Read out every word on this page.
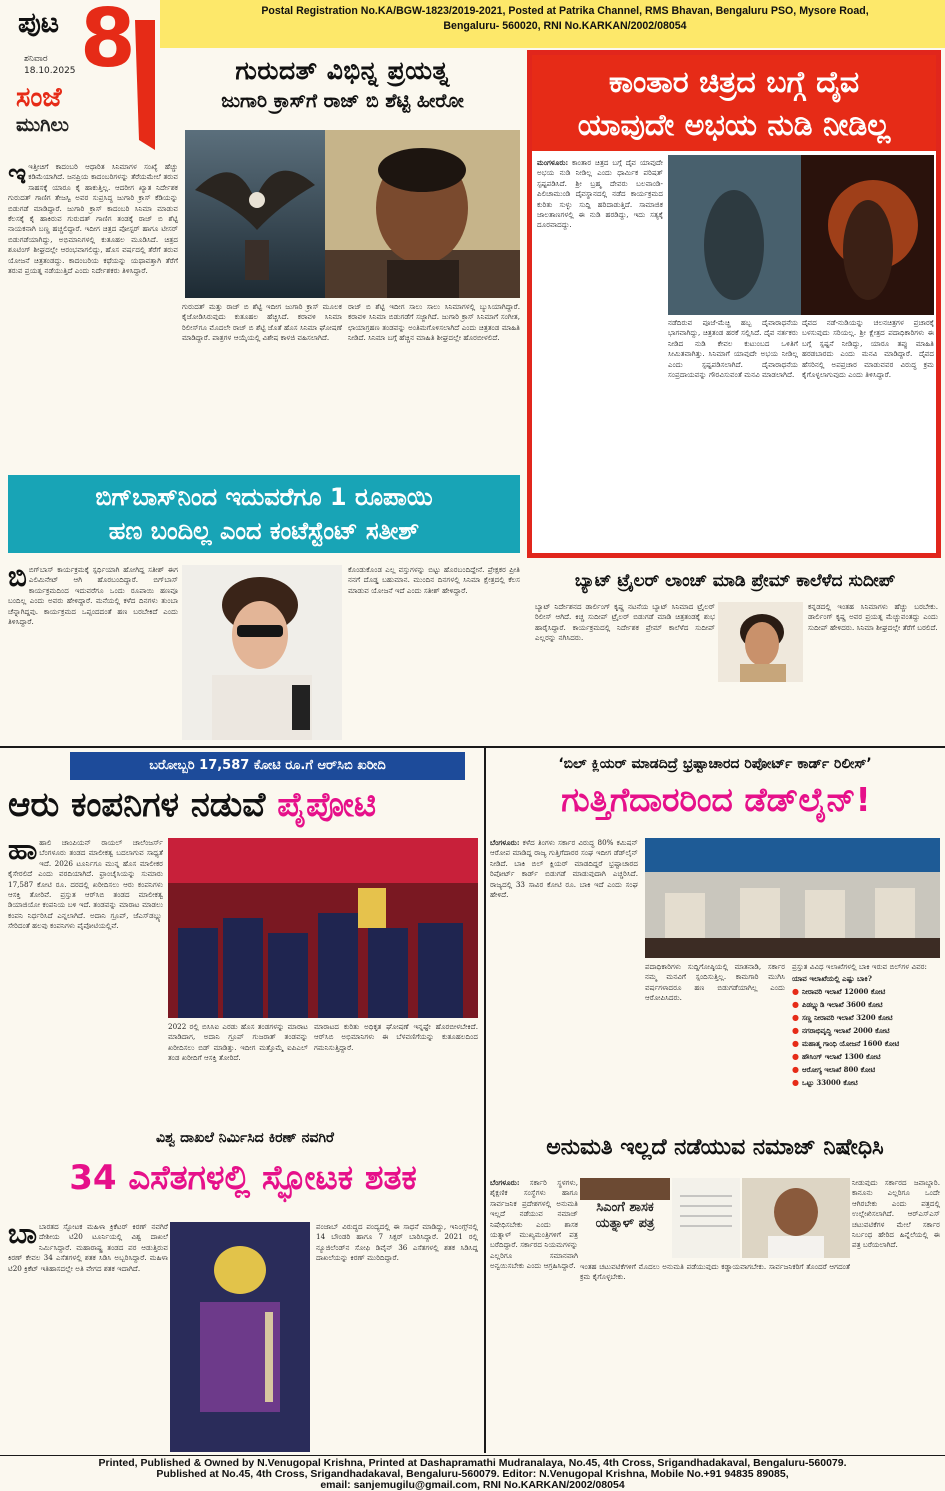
ಪುಟ 8
ಶನಿವಾರ
18.10.2025
ಸಂಜೆ
ಮುಗಿಲು
Postal Registration No.KA/BGW-1823/2019-2021, Posted at Patrika Channel, RMS Bhavan, Bengaluru PSO, Mysore Road,
Bengaluru- 560020, RNI No.KARKAN/2002/08054
ಗುರುದತ್ ವಿಭಿನ್ನ ಪ್ರಯತ್ನ
ಜುಗಾರಿ ಕ್ರಾಸ್‌ಗೆ ರಾಜ್ ಬಿ ಶೆಟ್ಟಿ ಹೀರೋ
ಇಇತ್ತೀಚಿಗೆ ಕಾದಂಬರಿ ಆಧಾರಿತ ಸಿನಿಮಾಗಳ ಸಂಖ್ಯೆ ಹೆಚ್ಚು ಕಡಿಮೆಯಾಗಿದೆ. ಜನಪ್ರಿಯ ಕಾದಂಬರಿಗಳನ್ನು ತೆರೆಯಮೇಲೆ ತರುವ ಸಾಹಸಕ್ಕೆ ಯಾರೂ ಕೈ ಹಾಕುತ್ತಿಲ್ಲ. ಆದರೀಗ ಖ್ಯಾತ ನಿರ್ದೇಶಕ ಗುರುದತ್ ಗಾಣಿಗ ತೇಜಸ್ವಿ ಅವರ ಸುಪ್ರಸಿದ್ಧ ಜುಗಾರಿ ಕ್ರಾಸ್ ಕೆಡಿಯನ್ನು ಬಿಡುಗಡೆ ಮಾಡಿದ್ದಾರೆ. ಜುಗಾರಿ ಕ್ರಾಸ್ ಕಾದಂಬರಿ ಸಿನಿಮಾ ಮಾಡುವ ಕೆಲಸಕ್ಕೆ ಕೈ ಹಾಕಿರುವ ಗುರುದತ್ ಗಾಣಿಗ ತಂಡಕ್ಕೆ ರಾಜ್ ಬಿ ಶೆಟ್ಟಿ ನಾಯಕನಾಗಿ ಬಣ್ಣ ಹಚ್ಚಲಿದ್ದಾರೆ. ಇದೀಗ ಚಿತ್ರದ ಪೋಸ್ಟರ್ ಹಾಗೂ ಟೀಸರ್ ಬಿಡುಗಡೆಯಾಗಿದ್ದು, ಅಭಿಮಾನಿಗಳಲ್ಲಿ ಕುತೂಹಲ ಮೂಡಿಸಿದೆ. ಚಿತ್ರದ ಶೂಟಿಂಗ್ ಶೀಘ್ರದಲ್ಲೇ ಆರಂಭವಾಗಲಿದ್ದು, ಹೊಸ ವರ್ಷದಲ್ಲಿ ತೆರೆಗೆ ತರುವ ಯೋಜನೆ ಚಿತ್ರತಂಡದ್ದು. ಕಾದಂಬರಿಯ ಕಥೆಯನ್ನು ಯಥಾವತ್ತಾಗಿ ತೆರೆಗೆ ತರುವ ಪ್ರಯತ್ನ ನಡೆಯುತ್ತಿದೆ ಎಂದು ನಿರ್ದೇಶಕರು ತಿಳಿಸಿದ್ದಾರೆ.
ಗುರುದತ್ ಮತ್ತು ರಾಜ್ ಬಿ ಶೆಟ್ಟಿ ಇದೀಗ ಜುಗಾರಿ ಕ್ರಾಸ್ ಮೂಲಕ ಕೈಜೋಡಿಸಿರುವುದು ಕುತೂಹಲ ಹೆಚ್ಚಿಸಿದೆ. ಕರಾವಳಿ ಸಿನಿಮಾ ರಿಲೀಸ್‌ಗೂ ಮೊದಲೇ ರಾಜ್ ಬಿ ಶೆಟ್ಟಿ ಜೊತೆ ಹೊಸ ಸಿನಿಮಾ ಘೋಷಣೆ ಮಾಡಿದ್ದಾರೆ. ಪಾತ್ರಗಳ ಆಯ್ಕೆಯಲ್ಲಿ ವಿಶೇಷ ಕಾಳಜಿ ವಹಿಸಲಾಗಿದೆ.
ರಾಜ್ ಬಿ ಶೆಟ್ಟಿ ಇದೀಗ ಸಾಲು ಸಾಲು ಸಿನಿಮಾಗಳಲ್ಲಿ ಬ್ಯುಸಿಯಾಗಿದ್ದಾರೆ. ಕರಾವಳಿ ಸಿನಿಮಾ ಬಿಡುಗಡೆಗೆ ಸಜ್ಜಾಗಿದೆ. ಜುಗಾರಿ ಕ್ರಾಸ್ ಸಿನಿಮಾಗೆ ಸಂಗೀತ, ಛಾಯಾಗ್ರಹಣ ತಂಡವನ್ನು ಅಂತಿಮಗೊಳಿಸಲಾಗಿದೆ ಎಂದು ಚಿತ್ರತಂಡ ಮಾಹಿತಿ ನೀಡಿದೆ. ಸಿನಿಮಾ ಬಗ್ಗೆ ಹೆಚ್ಚಿನ ಮಾಹಿತಿ ಶೀಘ್ರದಲ್ಲೇ ಹೊರಬೀಳಲಿದೆ.
ಕಾಂತಾರ ಚಿತ್ರದ ಬಗ್ಗೆ ದೈವ
ಯಾವುದೇ ಅಭಯ ನುಡಿ ನೀಡಿಲ್ಲ
ಮಂಗಳೂರು: ಕಾಂತಾರ ಚಿತ್ರದ ಬಗ್ಗೆ ದೈವ ಯಾವುದೇ ಅಭಯ ನುಡಿ ನೀಡಿಲ್ಲ ಎಂದು ಧಾರ್ಮಿಕ ಪರಿಷತ್ ಸ್ಪಷ್ಟಪಡಿಸಿದೆ. ಶ್ರೀ ಬ್ರಹ್ಮ ದೇವರು ಬಲವಾಂಡಿ-ಪಿಲಿಚಾಮುಂಡಿ ದೈವಸ್ಥಾನದಲ್ಲಿ ನಡೆದ ಕಾರ್ಯಕ್ರಮದ ಕುರಿತು ಸುಳ್ಳು ಸುದ್ದಿ ಹರಿದಾಡುತ್ತಿದೆ. ಸಾಮಾಜಿಕ ಜಾಲತಾಣಗಳಲ್ಲಿ ಈ ನುಡಿ ಹರಡಿದ್ದು, ಇದು ಸತ್ಯಕ್ಕೆ ದೂರವಾದದ್ದು.
ನಡೆದಿರುವ ಪೂಜೆ-ಮೆಚ್ಚಿ ಹಬ್ಬ ದೈವಾರಾಧನೆಯ ಭಾಗವಾಗಿದ್ದು, ಚಿತ್ರತಂಡ ಹರಕೆ ಸಲ್ಲಿಸಿದೆ. ದೈವ ನರ್ತಕರು ನೀಡಿದ ನುಡಿ ಕೇವಲ ಕುಟುಂಬದ ಒಳಿತಿಗೆ ಸೀಮಿತವಾಗಿತ್ತು. ಸಿನಿಮಾಗೆ ಯಾವುದೇ ಅಭಯ ನೀಡಿಲ್ಲ ಎಂದು ಸ್ಪಷ್ಟಪಡಿಸಲಾಗಿದೆ. ದೈವಾರಾಧನೆಯ ಸಂಪ್ರದಾಯವನ್ನು ಗೌರವಿಸುವಂತೆ ಮನವಿ ಮಾಡಲಾಗಿದೆ.
ದೈವದ ನಡೆ-ನುಡಿಯನ್ನು ಚಲನಚಿತ್ರಗಳ ಪ್ರಚಾರಕ್ಕೆ ಬಳಸುವುದು ಸರಿಯಲ್ಲ. ಶ್ರೀ ಕ್ಷೇತ್ರದ ಪದಾಧಿಕಾರಿಗಳು ಈ ಬಗ್ಗೆ ಸ್ಪಷ್ಟನೆ ನೀಡಿದ್ದು, ಯಾರೂ ತಪ್ಪು ಮಾಹಿತಿ ಹರಡಬಾರದು ಎಂದು ಮನವಿ ಮಾಡಿದ್ದಾರೆ. ದೈವದ ಹೆಸರಿನಲ್ಲಿ ಅಪಪ್ರಚಾರ ಮಾಡುವವರ ವಿರುದ್ಧ ಕ್ರಮ ಕೈಗೊಳ್ಳಲಾಗುವುದು ಎಂದು ತಿಳಿಸಿದ್ದಾರೆ.
ಬಿಗ್‌ಬಾಸ್‌ನಿಂದ ಇದುವರೆಗೂ 1 ರೂಪಾಯಿ
ಹಣ ಬಂದಿಲ್ಲ ಎಂದ ಕಂಟೆಸ್ಟೆಂಟ್ ಸತೀಶ್
ಬಿಬಿಗ್‌ಬಾಸ್ ಕಾರ್ಯಕ್ರಮಕ್ಕೆ ಸ್ಪರ್ಧಿಯಾಗಿ ಹೋಗಿದ್ದ ಸತೀಶ್ ಈಗ ಎಲಿಮಿನೇಟ್ ಆಗಿ ಹೊರಬಂದಿದ್ದಾರೆ. ಬಿಗ್‌ಬಾಸ್ ಕಾರ್ಯಕ್ರಮದಿಂದ ಇದುವರೆಗೂ ಒಂದು ರೂಪಾಯಿ ಹಣವೂ ಬಂದಿಲ್ಲ ಎಂದು ಅವರು ಹೇಳಿದ್ದಾರೆ. ಮನೆಯಲ್ಲಿ ಕಳೆದ ದಿನಗಳು ತುಂಬಾ ಚೆನ್ನಾಗಿದ್ದವು. ಕಾರ್ಯಕ್ರಮದ ಒಪ್ಪಂದದಂತೆ ಹಣ ಬರಬೇಕಿದೆ ಎಂದು ತಿಳಿಸಿದ್ದಾರೆ.
ಕೊಂಡುಕೊಂಡ ಎಲ್ಲ ವಸ್ತುಗಳನ್ನು ಬಿಟ್ಟು ಹೊರಬಂದಿದ್ದೇನೆ. ಪ್ರೇಕ್ಷಕರ ಪ್ರೀತಿ ನನಗೆ ದೊಡ್ಡ ಬಹುಮಾನ. ಮುಂದಿನ ದಿನಗಳಲ್ಲಿ ಸಿನಿಮಾ ಕ್ಷೇತ್ರದಲ್ಲಿ ಕೆಲಸ ಮಾಡುವ ಯೋಜನೆ ಇದೆ ಎಂದು ಸತೀಶ್ ಹೇಳಿದ್ದಾರೆ.	ಬ್ಯಾಟ್ ಟ್ರೈಲರ್ ಲಾಂಚ್ ಮಾಡಿ ಪ್ರೇಮ್ ಕಾಲೆಳೆದ ಸುದೀಪ್
ಬ್ಯಾಟ್ ನಿರ್ದೇಶನದ ಡಾರ್ಲಿಂಗ್ ಕೃಷ್ಣ ನಟನೆಯ ಬ್ಯಾಟ್ ಸಿನಿಮಾದ ಟ್ರೈಲರ್ ರಿಲೀಸ್ ಆಗಿದೆ. ಕಿಚ್ಚ ಸುದೀಪ್ ಟ್ರೈಲರ್ ಬಿಡುಗಡೆ ಮಾಡಿ ಚಿತ್ರತಂಡಕ್ಕೆ ಶುಭ ಹಾರೈಸಿದ್ದಾರೆ. ಕಾರ್ಯಕ್ರಮದಲ್ಲಿ ನಿರ್ದೇಶಕ ಪ್ರೇಮ್ ಕಾಲೆಳೆದ ಸುದೀಪ್ ಎಲ್ಲರನ್ನು ನಗಿಸಿದರು.
ಕನ್ನಡದಲ್ಲಿ ಇಂತಹ ಸಿನಿಮಾಗಳು ಹೆಚ್ಚು ಬರಬೇಕು. ಡಾರ್ಲಿಂಗ್ ಕೃಷ್ಣ ಅವರ ಪ್ರಯತ್ನ ಮೆಚ್ಚುವಂತದ್ದು ಎಂದು ಸುದೀಪ್ ಹೇಳಿದರು. ಸಿನಿಮಾ ಶೀಘ್ರದಲ್ಲೇ ತೆರೆಗೆ ಬರಲಿದೆ.
ಬರೋಬ್ಬರಿ 17,587 ಕೋಟಿ ರೂ.ಗೆ ಆರ್‌ಸಿಬಿ ಖರೀದಿ
ಆರು ಕಂಪನಿಗಳ ನಡುವೆ ಪೈಪೋಟಿ
ಹಾಹಾಲಿ ಚಾಂಪಿಯನ್ ರಾಯಲ್ ಚಾಲೆಂಜರ್ಸ್ ಬೆಂಗಳೂರು ತಂಡದ ಮಾಲೀಕತ್ವ ಬದಲಾಗುವ ಸಾಧ್ಯತೆ ಇದೆ. 2026 ಟೂರ್ನಿಗೂ ಮುನ್ನ ಹೊಸ ಮಾಲೀಕರ ಕೈಸೇರಲಿದೆ ಎಂದು ವರದಿಯಾಗಿದೆ. ಫ್ರಾಂಚೈಸಿಯನ್ನು ಸುಮಾರು 17,587 ಕೋಟಿ ರೂ. ದರದಲ್ಲಿ ಖರೀದಿಸಲು ಆರು ಕಂಪನಿಗಳು ಆಸಕ್ತಿ ತೋರಿವೆ. ಪ್ರಸ್ತುತ ಆರ್‌ಸಿಬಿ ತಂಡದ ಮಾಲೀಕತ್ವ ಡಿಯಾಜಿಯೋ ಕಂಪನಿಯ ಬಳಿ ಇದೆ. ತಂಡವನ್ನು ಮಾರಾಟ ಮಾಡಲು ಕಂಪನಿ ನಿರ್ಧರಿಸಿದೆ ಎನ್ನಲಾಗಿದೆ. ಅದಾನಿ ಗ್ರೂಪ್, ಜೆಎಸ್‌ಡಬ್ಲ್ಯು ಸೇರಿದಂತೆ ಹಲವು ಕಂಪನಿಗಳು ಪೈಪೋಟಿಯಲ್ಲಿವೆ.
2022 ರಲ್ಲಿ ಬಿಸಿಸಿಐ ಎರಡು ಹೊಸ ತಂಡಗಳನ್ನು ಮಾರಾಟ ಮಾಡಿದಾಗ, ಅದಾನಿ ಗ್ರೂಪ್ ಗುಜರಾತ್ ತಂಡವನ್ನು ಖರೀದಿಸಲು ಬಿಡ್ ಮಾಡಿತ್ತು. ಇದೀಗ ಮತ್ತೊಮ್ಮೆ ಐಪಿಎಲ್ ತಂಡ ಖರೀದಿಗೆ ಆಸಕ್ತಿ ತೋರಿದೆ.
ಮಾರಾಟದ ಕುರಿತು ಅಧಿಕೃತ ಘೋಷಣೆ ಇನ್ನಷ್ಟೇ ಹೊರಬೀಳಬೇಕಿದೆ. ಆರ್‌ಸಿಬಿ ಅಭಿಮಾನಿಗಳು ಈ ಬೆಳವಣಿಗೆಯನ್ನು ಕುತೂಹಲದಿಂದ ಗಮನಿಸುತ್ತಿದ್ದಾರೆ.
‘ಬಿಲ್ ಕ್ಲಿಯರ್ ಮಾಡದಿದ್ರೆ ಭ್ರಷ್ಟಾಚಾರದ ರಿಪೋರ್ಟ್ ಕಾರ್ಡ್ ರಿಲೀಸ್’
ಗುತ್ತಿಗೆದಾರರಿಂದ ಡೆಡ್‌ಲೈನ್!
ಬೆಂಗಳೂರು: ಕಳೆದ ತಿಂಗಳು ಸರ್ಕಾರ ವಿರುದ್ಧ 80% ಕಮಿಷನ್ ಆರೋಪ ಮಾಡಿದ್ದ ರಾಜ್ಯ ಗುತ್ತಿಗೆದಾರರ ಸಂಘ ಇದೀಗ ಡೆಡ್‌ಲೈನ್ ನೀಡಿದೆ. ಬಾಕಿ ಬಿಲ್ ಕ್ಲಿಯರ್ ಮಾಡದಿದ್ದರೆ ಭ್ರಷ್ಟಾಚಾರದ ರಿಪೋರ್ಟ್ ಕಾರ್ಡ್ ಬಿಡುಗಡೆ ಮಾಡುವುದಾಗಿ ಎಚ್ಚರಿಸಿದೆ. ರಾಜ್ಯದಲ್ಲಿ 33 ಸಾವಿರ ಕೋಟಿ ರೂ. ಬಾಕಿ ಇದೆ ಎಂದು ಸಂಘ ಹೇಳಿದೆ.
ಪದಾಧಿಕಾರಿಗಳು ಸುದ್ದಿಗೋಷ್ಠಿಯಲ್ಲಿ ಮಾತನಾಡಿ, ಸರ್ಕಾರ ನಮ್ಮ ಮನವಿಗೆ ಸ್ಪಂದಿಸುತ್ತಿಲ್ಲ. ಕಾಮಗಾರಿ ಮುಗಿಸಿ ವರ್ಷಗಳಾದರೂ ಹಣ ಬಿಡುಗಡೆಯಾಗಿಲ್ಲ ಎಂದು ಆರೋಪಿಸಿದರು.
ಪ್ರಸ್ತುತ ವಿವಿಧ ಇಲಾಖೆಗಳಲ್ಲಿ ಬಾಕಿ ಇರುವ ಬಿಲ್‌ಗಳ ವಿವರ:
ಯಾವ ಇಲಾಖೆಯಲ್ಲಿ ಎಷ್ಟು ಬಾಕಿ?
● ನೀರಾವರಿ ಇಲಾಖೆ 12000 ಕೋಟಿ
● ಪಿಡಬ್ಲ್ಯುಡಿ ಇಲಾಖೆ 3600 ಕೋಟಿ
● ಸಣ್ಣ ನೀರಾವರಿ ಇಲಾಖೆ 3200 ಕೋಟಿ
● ನಗರಾಭಿವೃದ್ಧಿ ಇಲಾಖೆ 2000 ಕೋಟಿ
● ಮಹಾತ್ಮ ಗಾಂಧಿ ಯೋಜನೆ 1600 ಕೋಟಿ
● ಹೌಸಿಂಗ್ ಇಲಾಖೆ 1300 ಕೋಟಿ
● ಆರೋಗ್ಯ ಇಲಾಖೆ 800 ಕೋಟಿ
● ಒಟ್ಟು 33000 ಕೋಟಿ
ವಿಶ್ವ ದಾಖಲೆ ನಿರ್ಮಿಸಿದ ಕಿರಣ್ ನವಗಿರೆ
34 ಎಸೆತಗಳಲ್ಲಿ ಸ್ಫೋಟಕ ಶತಕ
ಬಾಬಾರತದ ಸ್ಫೋಟಕ ಮಹಿಳಾ ಕ್ರಿಕೆಟರ್ ಕಿರಣ್ ನವಗಿರೆ ದೇಶೀಯ ಟಿ20 ಟೂರ್ನಿಯಲ್ಲಿ ವಿಶ್ವ ದಾಖಲೆ ನಿರ್ಮಿಸಿದ್ದಾರೆ. ಮಹಾರಾಷ್ಟ್ರ ತಂಡದ ಪರ ಆಡುತ್ತಿರುವ ಕಿರಣ್ ಕೇವಲ 34 ಎಸೆತಗಳಲ್ಲಿ ಶತಕ ಸಿಡಿಸಿ ಅಬ್ಬರಿಸಿದ್ದಾರೆ. ಮಹಿಳಾ ಟಿ20 ಕ್ರಿಕೆಟ್ ಇತಿಹಾಸದಲ್ಲೇ ಅತಿ ವೇಗದ ಶತಕ ಇದಾಗಿದೆ.
ಪಂಜಾಬ್ ವಿರುದ್ಧದ ಪಂದ್ಯದಲ್ಲಿ ಈ ಸಾಧನೆ ಮಾಡಿದ್ದು, ಇನಿಂಗ್ಸ್‌ನಲ್ಲಿ 14 ಬೌಂಡರಿ ಹಾಗೂ 7 ಸಿಕ್ಸರ್ ಬಾರಿಸಿದ್ದಾರೆ. 2021 ರಲ್ಲಿ ನ್ಯೂಜಿಲೆಂಡ್‌ನ ಸೋಫಿ ಡಿವೈನ್ 36 ಎಸೆತಗಳಲ್ಲಿ ಶತಕ ಸಿಡಿಸಿದ್ದ ದಾಖಲೆಯನ್ನು ಕಿರಣ್ ಮುರಿದಿದ್ದಾರೆ.
ಅನುಮತಿ ಇಲ್ಲದೆ ನಡೆಯುವ ನಮಾಜ್ ನಿಷೇಧಿಸಿ
ಬೆಂಗಳೂರು: ಸರ್ಕಾರಿ ಸ್ಥಳಗಳು, ಶೈಕ್ಷಣಿಕ ಸಂಸ್ಥೆಗಳು ಹಾಗೂ ಸಾರ್ವಜನಿಕ ಪ್ರದೇಶಗಳಲ್ಲಿ ಅನುಮತಿ ಇಲ್ಲದೆ ನಡೆಯುವ ನಮಾಜ್ ನಿಷೇಧಿಸಬೇಕು ಎಂದು ಶಾಸಕ ಯತ್ನಾಳ್ ಮುಖ್ಯಮಂತ್ರಿಗಳಿಗೆ ಪತ್ರ ಬರೆದಿದ್ದಾರೆ. ಸರ್ಕಾರದ ನಿಯಮಗಳನ್ನು ಎಲ್ಲರಿಗೂ ಸಮಾನವಾಗಿ ಅನ್ವಯಿಸಬೇಕು ಎಂದು ಆಗ್ರಹಿಸಿದ್ದಾರೆ.
ಸಿಎಂಗೆ ಶಾಸಕ
ಯತ್ನಾಳ್ ಪತ್ರ
ಇಂತಹ ಚಟುವಟಿಕೆಗಳಿಗೆ ಮೊದಲು ಅನುಮತಿ ಪಡೆಯುವುದು ಕಡ್ಡಾಯವಾಗಬೇಕು. ಸಾರ್ವಜನಿಕರಿಗೆ ತೊಂದರೆ ಆಗದಂತೆ ಕ್ರಮ ಕೈಗೊಳ್ಳಬೇಕು.
ನೀಡುವುದು ಸರ್ಕಾರದ ಜವಾಬ್ದಾರಿ. ಕಾನೂನು ಎಲ್ಲರಿಗೂ ಒಂದೇ ಆಗಿರಬೇಕು ಎಂದು ಪತ್ರದಲ್ಲಿ ಉಲ್ಲೇಖಿಸಲಾಗಿದೆ. ಆರ್‌ಎಸ್‌ಎಸ್ ಚಟುವಟಿಕೆಗಳ ಮೇಲೆ ಸರ್ಕಾರ ನಿರ್ಬಂಧ ಹೇರಿದ ಹಿನ್ನೆಲೆಯಲ್ಲಿ ಈ ಪತ್ರ ಬರೆಯಲಾಗಿದೆ.
Printed, Published & Owned by N.Venugopal Krishna, Printed at Dashapramathi Mudranalaya, No.45, 4th Cross, Srigandhadakaval, Bengaluru-560079.
Published at No.45, 4th Cross, Srigandhadakaval, Bengaluru-560079. Editor: N.Venugopal Krishna, Mobile No.+91 94835 89085,
email: sanjemugilu@gmail.com, RNI No.KARKAN/2002/08054
